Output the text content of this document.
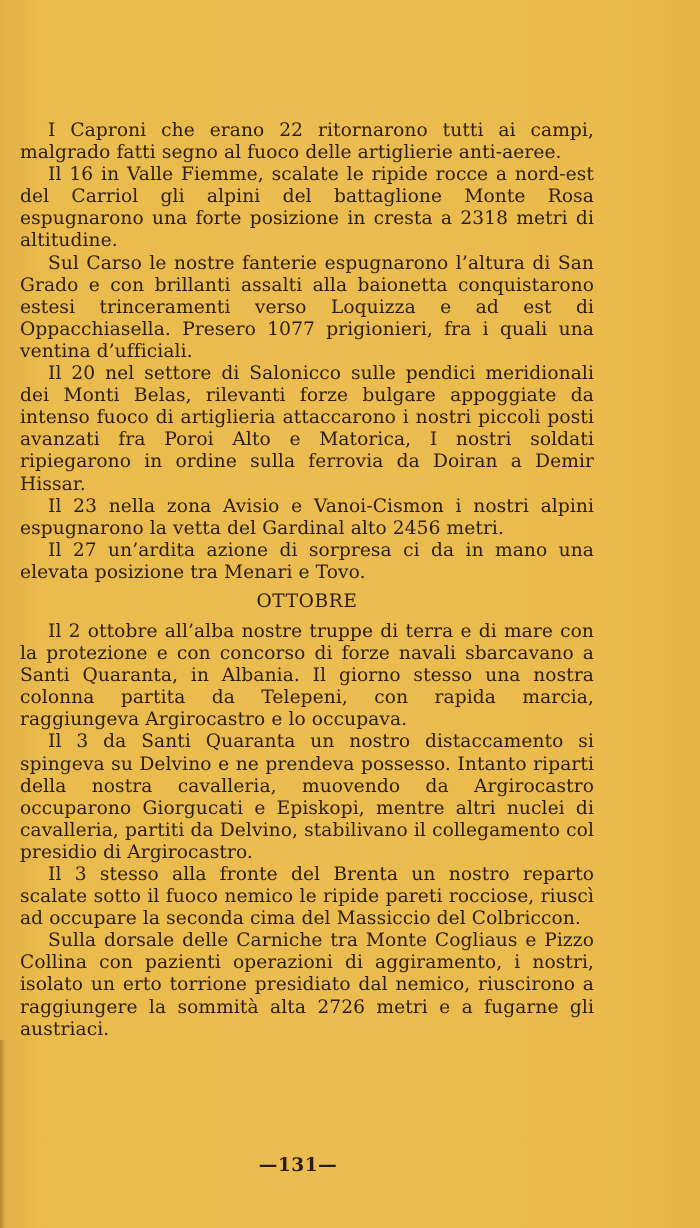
I Caproni che erano 22 ritornarono tutti ai campi, malgrado fatti segno al fuoco delle artiglierie anti-aeree.

Il 16 in Valle Fiemme, scalate le ripide rocce a nord-est del Carriol gli alpini del battaglione Monte Rosa espugnarono una forte posizione in cresta a 2318 metri di altitudine.

Sul Carso le nostre fanterie espugnarono l’altura di San Grado e con brillanti assalti alla baionetta conquistarono estesi trinceramenti verso Loquizza e ad est di Oppacchiasella. Presero 1077 prigionieri, fra i quali una ventina d’ufficiali.

Il 20 nel settore di Salonicco sulle pendici meridionali dei Monti Belas, rilevanti forze bulgare appoggiate da intenso fuoco di artiglieria attaccarono i nostri piccoli posti avanzati fra Poroi Alto e Matorica, I nostri soldati ripiegarono in ordine sulla ferrovia da Doiran a Demir Hissar.

Il 23 nella zona Avisio e Vanoi-Cismon i nostri alpini espugnarono la vetta del Gardinal alto 2456 metri.

Il 27 un’ardita azione di sorpresa ci da in mano una elevata posizione tra Menari e Tovo.

OTTOBRE

Il 2 ottobre all’alba nostre truppe di terra e di mare con la protezione e con concorso di forze navali sbarcavano a Santi Quaranta, in Albania. Il giorno stesso una nostra colonna partita da Telepeni, con rapida marcia, raggiungeva Argirocastro e lo occupava.

Il 3 da Santi Quaranta un nostro distaccamento si spingeva su Delvino e ne prendeva possesso. Intanto riparti della nostra cavalleria, muovendo da Argirocastro occuparono Giorgucati e Episkopi, mentre altri nuclei di cavalleria, partiti da Delvino, stabilivano il collegamento col presidio di Argirocastro.

Il 3 stesso alla fronte del Brenta un nostro reparto scalate sotto il fuoco nemico le ripide pareti rocciose, riuscì ad occupare la seconda cima del Massiccio del Colbriccon.

Sulla dorsale delle Carniche tra Monte Cogliaus e Pizzo Collina con pazienti operazioni di aggiramento, i nostri, isolato un erto torrione presidiato dal nemico, riuscirono a raggiungere la sommità alta 2726 metri e a fugarne gli austriaci.

—131—
